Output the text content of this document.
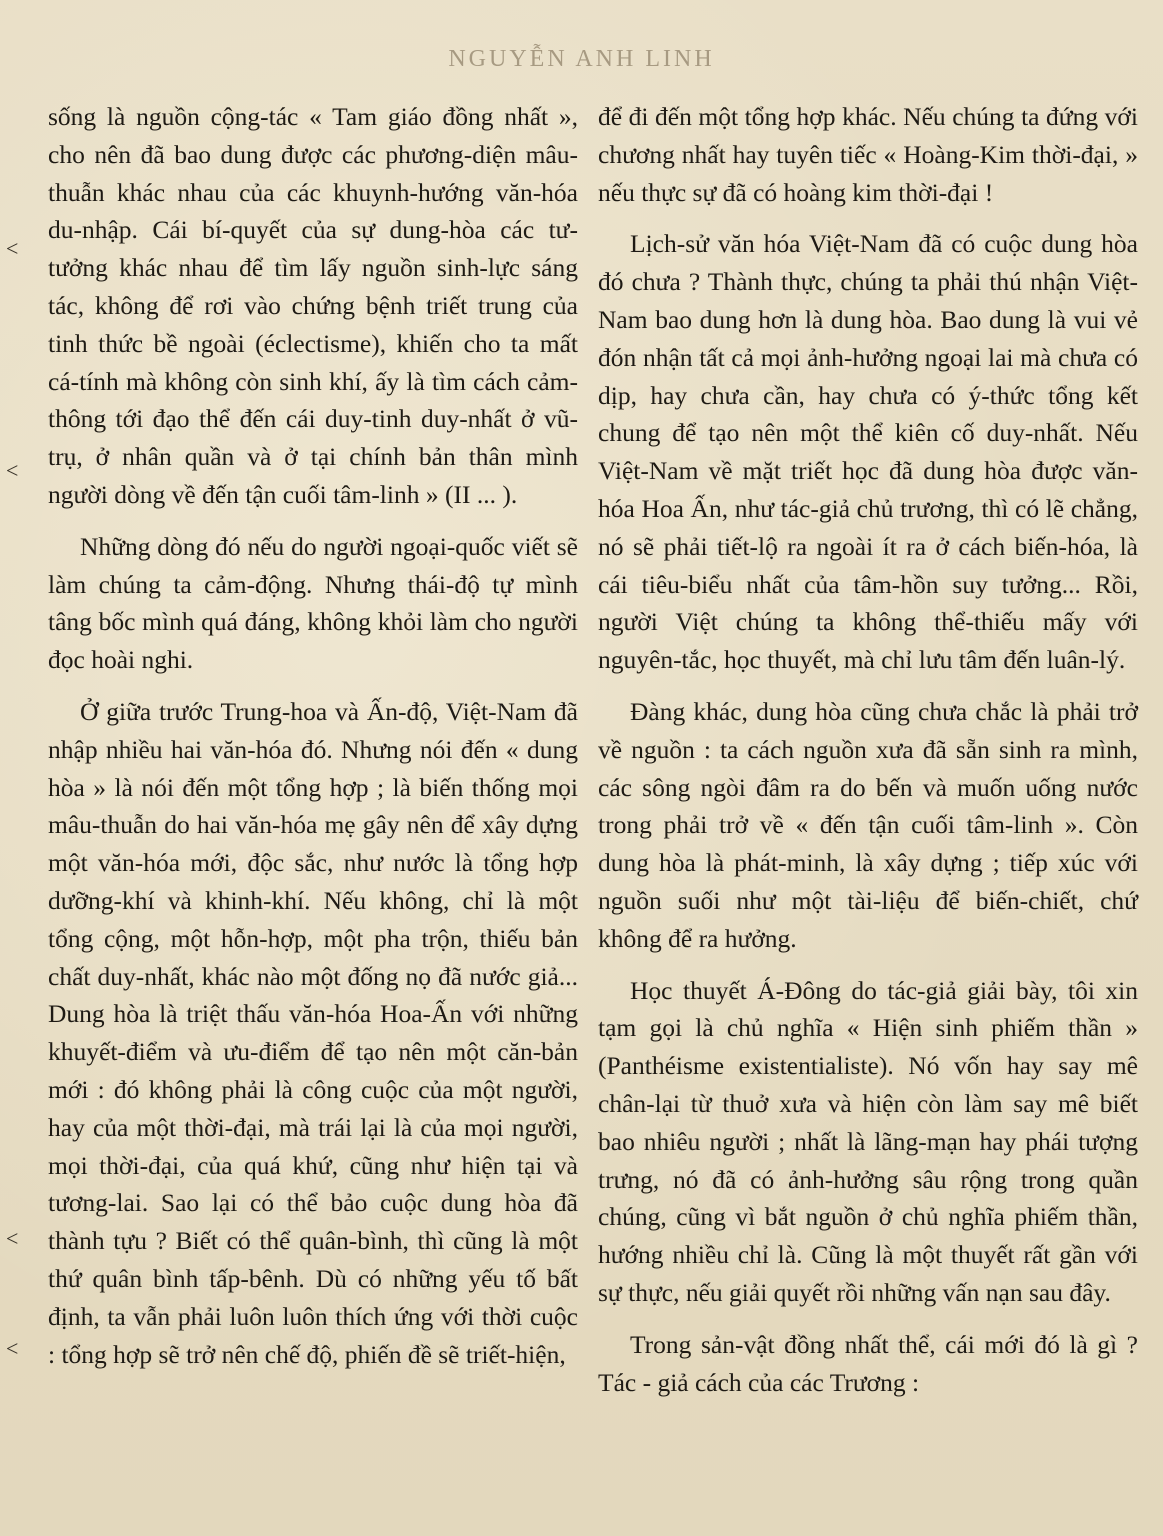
NGUYỄN ANH LINH
˂
˂
˂
˂

sống là nguồn cộng-tác « Tam giáo đồng nhất », cho nên đã bao dung được các phương-diện mâu-thuẫn khác nhau của các khuynh-hướng văn-hóa du-nhập. Cái bí-quyết của sự dung-hòa các tư-tưởng khác nhau để tìm lấy nguồn sinh-lực sáng tác, không để rơi vào chứng bệnh triết trung của tinh thức bề ngoài (éclectisme), khiến cho ta mất cá-tính mà không còn sinh khí, ấy là tìm cách cảm-thông tới đạo thể đến cái duy-tinh duy-nhất ở vũ-trụ, ở nhân quần và ở tại chính bản thân mình người dòng về đến tận cuối tâm-linh » (II ... ).

Những dòng đó nếu do người ngoại-quốc viết sẽ làm chúng ta cảm-động. Nhưng thái-độ tự mình tâng bốc mình quá đáng, không khỏi làm cho người đọc hoài nghi.

Ở giữa trước Trung-hoa và Ấn-độ, Việt-Nam đã nhập nhiều hai văn-hóa đó. Nhưng nói đến « dung hòa » là nói đến một tổng hợp ; là biến thống mọi mâu-thuẫn do hai văn-hóa mẹ gây nên để xây dựng một văn-hóa mới, độc sắc, như nước là tổng hợp dưỡng-khí và khinh-khí. Nếu không, chỉ là một tổng cộng, một hỗn-hợp, một pha trộn, thiếu bản chất duy-nhất, khác nào một đống nọ đã nước giả... Dung hòa là triệt thấu văn-hóa Hoa-Ấn với những khuyết-điểm và ưu-điểm để tạo nên một căn-bản mới : đó không phải là công cuộc của một người, hay của một thời-đại, mà trái lại là của mọi người, mọi thời-đại, của quá khứ, cũng như hiện tại và tương-lai. Sao lại có thể bảo cuộc dung hòa đã thành tựu ? Biết có thể quân-bình, thì cũng là một thứ quân bình tấp-bênh. Dù có những yếu tố bất định, ta vẫn phải luôn luôn thích ứng với thời cuộc : tổng hợp sẽ trở nên chế độ, phiến đề sẽ triết-hiện,

để đi đến một tổng hợp khác. Nếu chúng ta đứng với chương nhất hay tuyên tiếc « Hoàng-Kim thời-đại, » nếu thực sự đã có hoàng kim thời-đại !

Lịch-sử văn hóa Việt-Nam đã có cuộc dung hòa đó chưa ? Thành thực, chúng ta phải thú nhận Việt-Nam bao dung hơn là dung hòa. Bao dung là vui vẻ đón nhận tất cả mọi ảnh-hưởng ngoại lai mà chưa có dịp, hay chưa cần, hay chưa có ý-thức tổng kết chung để tạo nên một thể kiên cố duy-nhất. Nếu Việt-Nam về mặt triết học đã dung hòa được văn-hóa Hoa Ấn, như tác-giả chủ trương, thì có lẽ chẳng, nó sẽ phải tiết-lộ ra ngoài ít ra ở cách biến-hóa, là cái tiêu-biểu nhất của tâm-hồn suy tưởng... Rồi, người Việt chúng ta không thể-thiếu mấy với nguyên-tắc, học thuyết, mà chỉ lưu tâm đến luân-lý.

Đàng khác, dung hòa cũng chưa chắc là phải trở về nguồn : ta cách nguồn xưa đã sẵn sinh ra mình, các sông ngòi đâm ra do bến và muốn uống nước trong phải trở về « đến tận cuối tâm-linh ». Còn dung hòa là phát-minh, là xây dựng ; tiếp xúc với nguồn suối như một tài-liệu để biến-chiết, chứ không để ra hưởng.

Học thuyết Á-Đông do tác-giả giải bày, tôi xin tạm gọi là chủ nghĩa « Hiện sinh phiếm thần » (Panthéisme existentialiste). Nó vốn hay say mê chân-lại từ thuở xưa và hiện còn làm say mê biết bao nhiêu người ; nhất là lãng-mạn hay phái tượng trưng, nó đã có ảnh-hưởng sâu rộng trong quần chúng, cũng vì bắt nguồn ở chủ nghĩa phiếm thần, hướng nhiều chỉ là. Cũng là một thuyết rất gần với sự thực, nếu giải quyết rồi những vấn nạn sau đây.

Trong sản-vật đồng nhất thể, cái mới đó là gì ? Tác - giả cách của các Trương :
